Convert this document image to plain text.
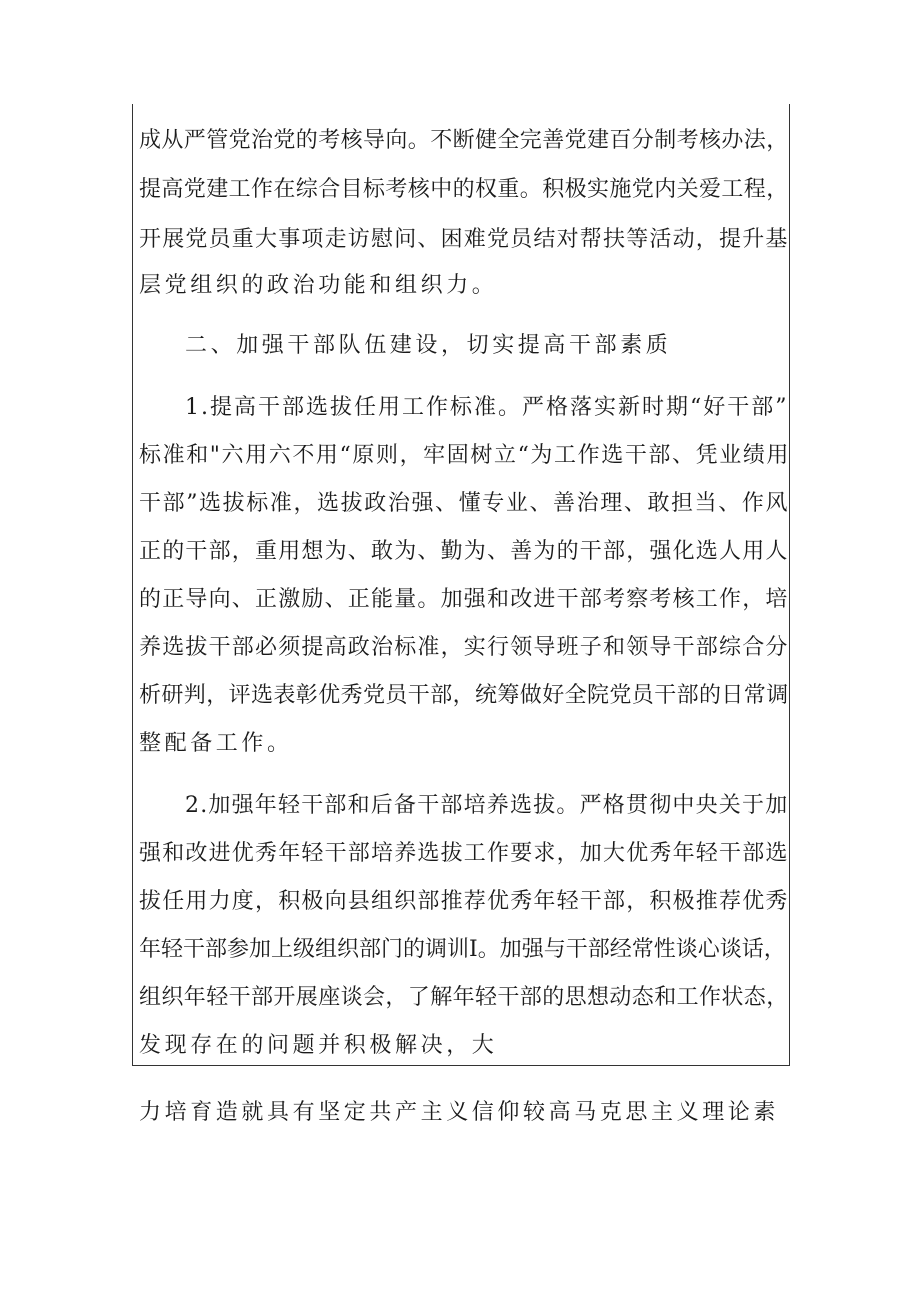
成从严管党治党的考核导向。不断健全完善党建百分制考核办法，
提高党建工作在综合目标考核中的权重。积极实施党内关爱工程，
开展党员重大事项走访慰问、困难党员结对帮扶等活动，提升基
层党组织的政治功能和组织力。
二、加强干部队伍建设，切实提高干部素质
1.提高干部选拔任用工作标准。严格落实新时期“好干部”
标准和"六用六不用“原则，牢固树立“为工作选干部、凭业绩用
干部”选拔标准，选拔政治强、懂专业、善治理、敢担当、作风
正的干部，重用想为、敢为、勤为、善为的干部，强化选人用人
的正导向、正激励、正能量。加强和改进干部考察考核工作，培
养选拔干部必须提高政治标准，实行领导班子和领导干部综合分
析研判，评选表彰优秀党员干部，统筹做好全院党员干部的日常调
整配备工作。
2.加强年轻干部和后备干部培养选拔。严格贯彻中央关于加
强和改进优秀年轻干部培养选拔工作要求，加大优秀年轻干部选
拔任用力度，积极向县组织部推荐优秀年轻干部，积极推荐优秀
年轻干部参加上级组织部门的调训I。加强与干部经常性谈心谈话，
组织年轻干部开展座谈会，了解年轻干部的思想动态和工作状态，
发现存在的问题并积极解决，大
力培育造就具有坚定共产主义信仰较高马克思主义理论素
